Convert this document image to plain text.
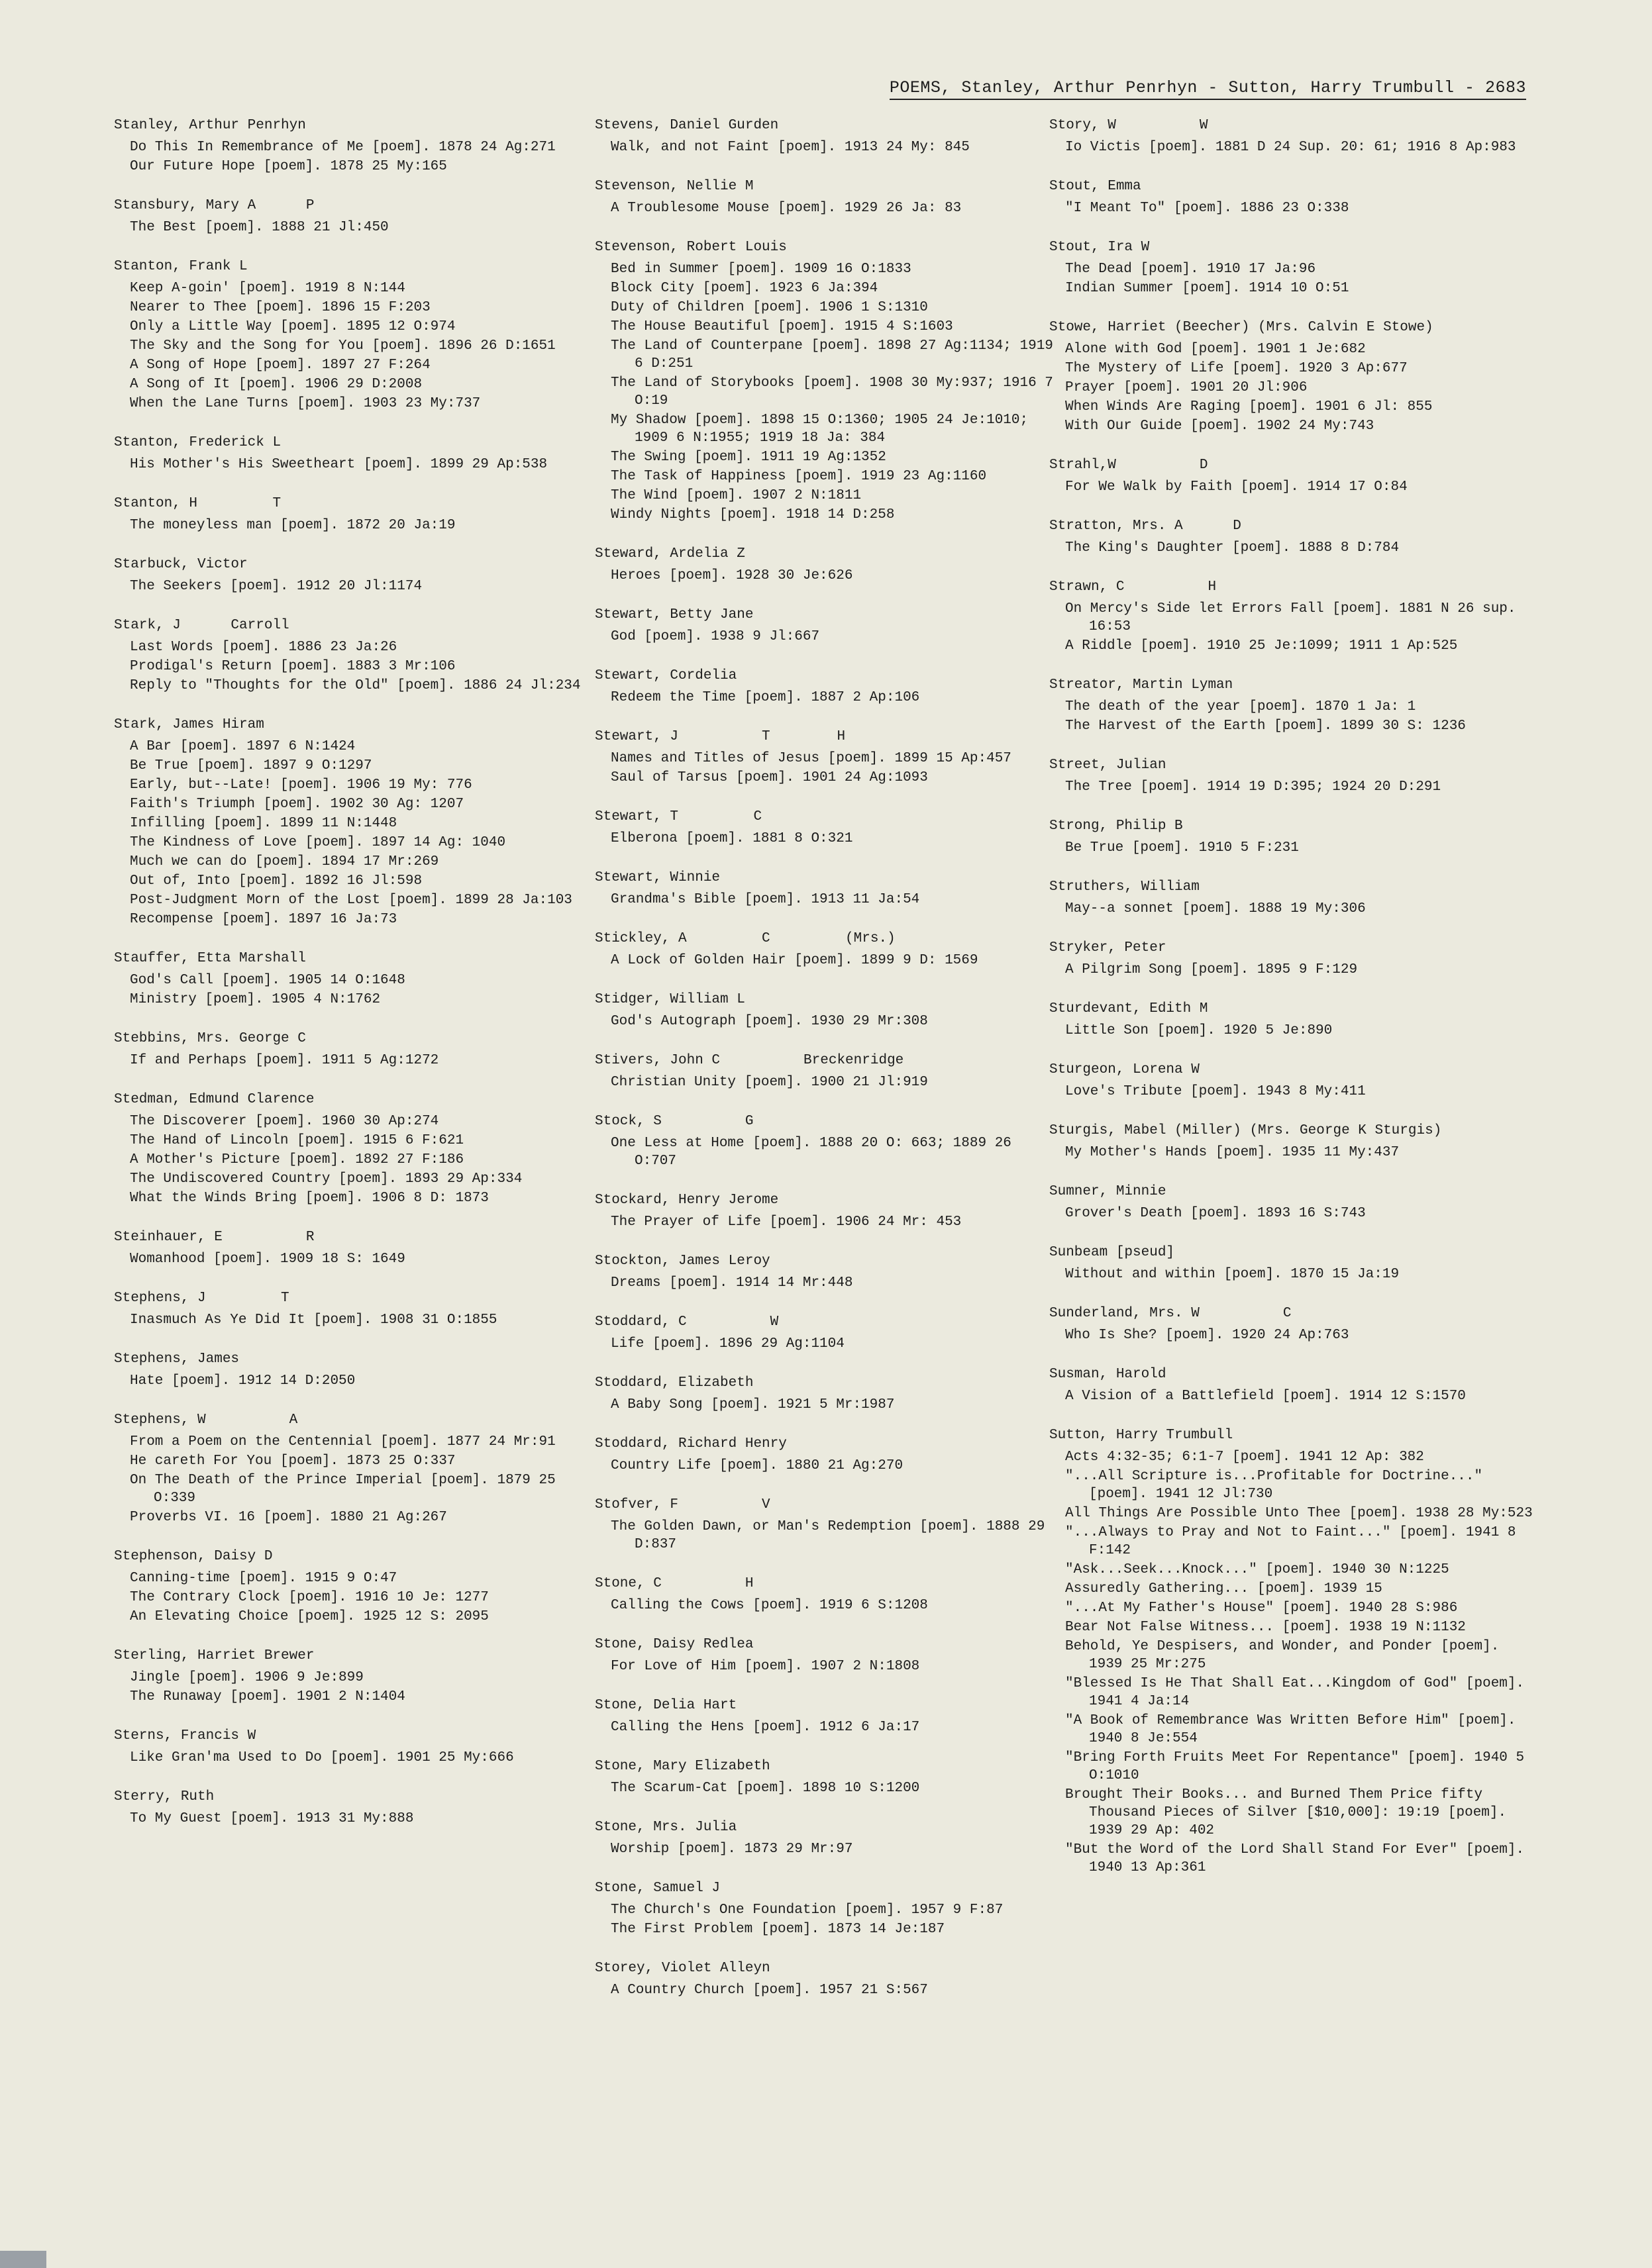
POEMS, Stanley, Arthur Penrhyn - Sutton, Harry Trumbull - 2683
Stanley, Arthur Penrhyn
Do This In Remembrance of Me [poem]. 1878 24 Ag:271
Our Future Hope [poem]. 1878 25 My:165
Stansbury, Mary A      P
The Best [poem]. 1888 21 Jl:450
Stanton, Frank L
Keep A-goin' [poem]. 1919 8 N:144
Nearer to Thee [poem]. 1896 15 F:203
Only a Little Way [poem]. 1895 12 O:974
The Sky and the Song for You [poem]. 1896 26 D:1651
A Song of Hope [poem]. 1897 27 F:264
A Song of It [poem]. 1906 29 D:2008
When the Lane Turns [poem]. 1903 23 My:737
Stanton, Frederick L
His Mother's His Sweetheart [poem]. 1899 29 Ap:538
Stanton, H         T
The moneyless man [poem]. 1872 20 Ja:19
Starbuck, Victor
The Seekers [poem]. 1912 20 Jl:1174
Stark, J      Carroll
Last Words [poem]. 1886 23 Ja:26
Prodigal's Return [poem]. 1883 3 Mr:106
Reply to "Thoughts for the Old" [poem]. 1886 24 Jl:234
Stark, James Hiram
A Bar [poem]. 1897 6 N:1424
Be True [poem]. 1897 9 O:1297
Early, but--Late! [poem]. 1906 19 My: 776
Faith's Triumph [poem]. 1902 30 Ag: 1207
Infilling [poem]. 1899 11 N:1448
The Kindness of Love [poem]. 1897 14 Ag: 1040
Much we can do [poem]. 1894 17 Mr:269
Out of, Into [poem]. 1892 16 Jl:598
Post-Judgment Morn of the Lost [poem]. 1899 28 Ja:103
Recompense [poem]. 1897 16 Ja:73
Stauffer, Etta Marshall
God's Call [poem]. 1905 14 O:1648
Ministry [poem]. 1905 4 N:1762
Stebbins, Mrs. George C
If and Perhaps [poem]. 1911 5 Ag:1272
Stedman, Edmund Clarence
The Discoverer [poem]. 1960 30 Ap:274
The Hand of Lincoln [poem]. 1915 6 F:621
A Mother's Picture [poem]. 1892 27 F:186
The Undiscovered Country [poem]. 1893 29 Ap:334
What the Winds Bring [poem]. 1906 8 D: 1873
Steinhauer, E          R
Womanhood [poem]. 1909 18 S: 1649
Stephens, J         T
Inasmuch As Ye Did It [poem]. 1908 31 O:1855
Stephens, James
Hate [poem]. 1912 14 D:2050
Stephens, W          A
From a Poem on the Centennial [poem]. 1877 24 Mr:91
He careth For You [poem]. 1873 25 O:337
On The Death of the Prince Imperial [poem]. 1879 25 O:339
Proverbs VI. 16 [poem]. 1880 21 Ag:267
Stephenson, Daisy D
Canning-time [poem]. 1915 9 O:47
The Contrary Clock [poem]. 1916 10 Je: 1277
An Elevating Choice [poem]. 1925 12 S: 2095
Sterling, Harriet Brewer
Jingle [poem]. 1906 9 Je:899
The Runaway [poem]. 1901 2 N:1404
Sterns, Francis W
Like Gran'ma Used to Do [poem]. 1901 25 My:666
Sterry, Ruth
To My Guest [poem]. 1913 31 My:888
Stevens, Daniel Gurden
Walk, and not Faint [poem]. 1913 24 My: 845
Stevenson, Nellie M
A Troublesome Mouse [poem]. 1929 26 Ja: 83
Stevenson, Robert Louis
Bed in Summer [poem]. 1909 16 O:1833
Block City [poem]. 1923 6 Ja:394
Duty of Children [poem]. 1906 1 S:1310
The House Beautiful [poem]. 1915 4 S:1603
The Land of Counterpane [poem]. 1898 27 Ag:1134; 1919 6 D:251
The Land of Storybooks [poem]. 1908 30 My:937; 1916 7 O:19
My Shadow [poem]. 1898 15 O:1360; 1905 24 Je:1010; 1909 6 N:1955; 1919 18 Ja: 384
The Swing [poem]. 1911 19 Ag:1352
The Task of Happiness [poem]. 1919 23 Ag:1160
The Wind [poem]. 1907 2 N:1811
Windy Nights [poem]. 1918 14 D:258
Steward, Ardelia Z
Heroes [poem]. 1928 30 Je:626
Stewart, Betty Jane
God [poem]. 1938 9 Jl:667
Stewart, Cordelia
Redeem the Time [poem]. 1887 2 Ap:106
Stewart, J          T        H
Names and Titles of Jesus [poem]. 1899 15 Ap:457
Saul of Tarsus [poem]. 1901 24 Ag:1093
Stewart, T         C
Elberona [poem]. 1881 8 O:321
Stewart, Winnie
Grandma's Bible [poem]. 1913 11 Ja:54
Stickley, A         C         (Mrs.)
A Lock of Golden Hair [poem]. 1899 9 D: 1569
Stidger, William L
God's Autograph [poem]. 1930 29 Mr:308
Stivers, John C          Breckenridge
Christian Unity [poem]. 1900 21 Jl:919
Stock, S          G
One Less at Home [poem]. 1888 20 O: 663; 1889 26 O:707
Stockard, Henry Jerome
The Prayer of Life [poem]. 1906 24 Mr: 453
Stockton, James Leroy
Dreams [poem]. 1914 14 Mr:448
Stoddard, C          W
Life [poem]. 1896 29 Ag:1104
Stoddard, Elizabeth
A Baby Song [poem]. 1921 5 Mr:1987
Stoddard, Richard Henry
Country Life [poem]. 1880 21 Ag:270
Stofver, F          V
The Golden Dawn, or Man's Redemption [poem]. 1888 29 D:837
Stone, C          H
Calling the Cows [poem]. 1919 6 S:1208
Stone, Daisy Redlea
For Love of Him [poem]. 1907 2 N:1808
Stone, Delia Hart
Calling the Hens [poem]. 1912 6 Ja:17
Stone, Mary Elizabeth
The Scarum-Cat [poem]. 1898 10 S:1200
Stone, Mrs. Julia
Worship [poem]. 1873 29 Mr:97
Stone, Samuel J
The Church's One Foundation [poem]. 1957 9 F:87
The First Problem [poem]. 1873 14 Je:187
Storey, Violet Alleyn
A Country Church [poem]. 1957 21 S:567
Story, W          W
Io Victis [poem]. 1881 D 24 Sup. 20: 61; 1916 8 Ap:983
Stout, Emma
"I Meant To" [poem]. 1886 23 O:338
Stout, Ira W
The Dead [poem]. 1910 17 Ja:96
Indian Summer [poem]. 1914 10 O:51
Stowe, Harriet (Beecher) (Mrs. Calvin E Stowe)
Alone with God [poem]. 1901 1 Je:682
The Mystery of Life [poem]. 1920 3 Ap:677
Prayer [poem]. 1901 20 Jl:906
When Winds Are Raging [poem]. 1901 6 Jl: 855
With Our Guide [poem]. 1902 24 My:743
Strahl,W          D
For We Walk by Faith [poem]. 1914 17 O:84
Stratton, Mrs. A      D
The King's Daughter [poem]. 1888 8 D:784
Strawn, C          H
On Mercy's Side let Errors Fall [poem]. 1881 N 26 sup. 16:53
A Riddle [poem]. 1910 25 Je:1099; 1911 1 Ap:525
Streator, Martin Lyman
The death of the year [poem]. 1870 1 Ja: 1
The Harvest of the Earth [poem]. 1899 30 S: 1236
Street, Julian
The Tree [poem]. 1914 19 D:395; 1924 20 D:291
Strong, Philip B
Be True [poem]. 1910 5 F:231
Struthers, William
May--a sonnet [poem]. 1888 19 My:306
Stryker, Peter
A Pilgrim Song [poem]. 1895 9 F:129
Sturdevant, Edith M
Little Son [poem]. 1920 5 Je:890
Sturgeon, Lorena W
Love's Tribute [poem]. 1943 8 My:411
Sturgis, Mabel (Miller) (Mrs. George K Sturgis)
My Mother's Hands [poem]. 1935 11 My:437
Sumner, Minnie
Grover's Death [poem]. 1893 16 S:743
Sunbeam [pseud]
Without and within [poem]. 1870 15 Ja:19
Sunderland, Mrs. W          C
Who Is She? [poem]. 1920 24 Ap:763
Susman, Harold
A Vision of a Battlefield [poem]. 1914 12 S:1570
Sutton, Harry Trumbull
Acts 4:32-35; 6:1-7 [poem]. 1941 12 Ap: 382
"...All Scripture is...Profitable for Doctrine..." [poem]. 1941 12 Jl:730
All Things Are Possible Unto Thee [poem]. 1938 28 My:523
"...Always to Pray and Not to Faint..." [poem]. 1941 8 F:142
"Ask...Seek...Knock..." [poem]. 1940 30 N:1225
Assuredly Gathering... [poem]. 1939 15
"...At My Father's House" [poem]. 1940 28 S:986
Bear Not False Witness... [poem]. 1938 19 N:1132
Behold, Ye Despisers, and Wonder, and Ponder [poem]. 1939 25 Mr:275
"Blessed Is He That Shall Eat...Kingdom of God" [poem]. 1941 4 Ja:14
"A Book of Remembrance Was Written Before Him" [poem]. 1940 8 Je:554
"Bring Forth Fruits Meet For Repentance" [poem]. 1940 5 O:1010
Brought Their Books... and Burned Them Price fifty Thousand Pieces of Silver [$10,000]: 19:19 [poem]. 1939 29 Ap: 402
"But the Word of the Lord Shall Stand For Ever" [poem]. 1940 13 Ap:361
